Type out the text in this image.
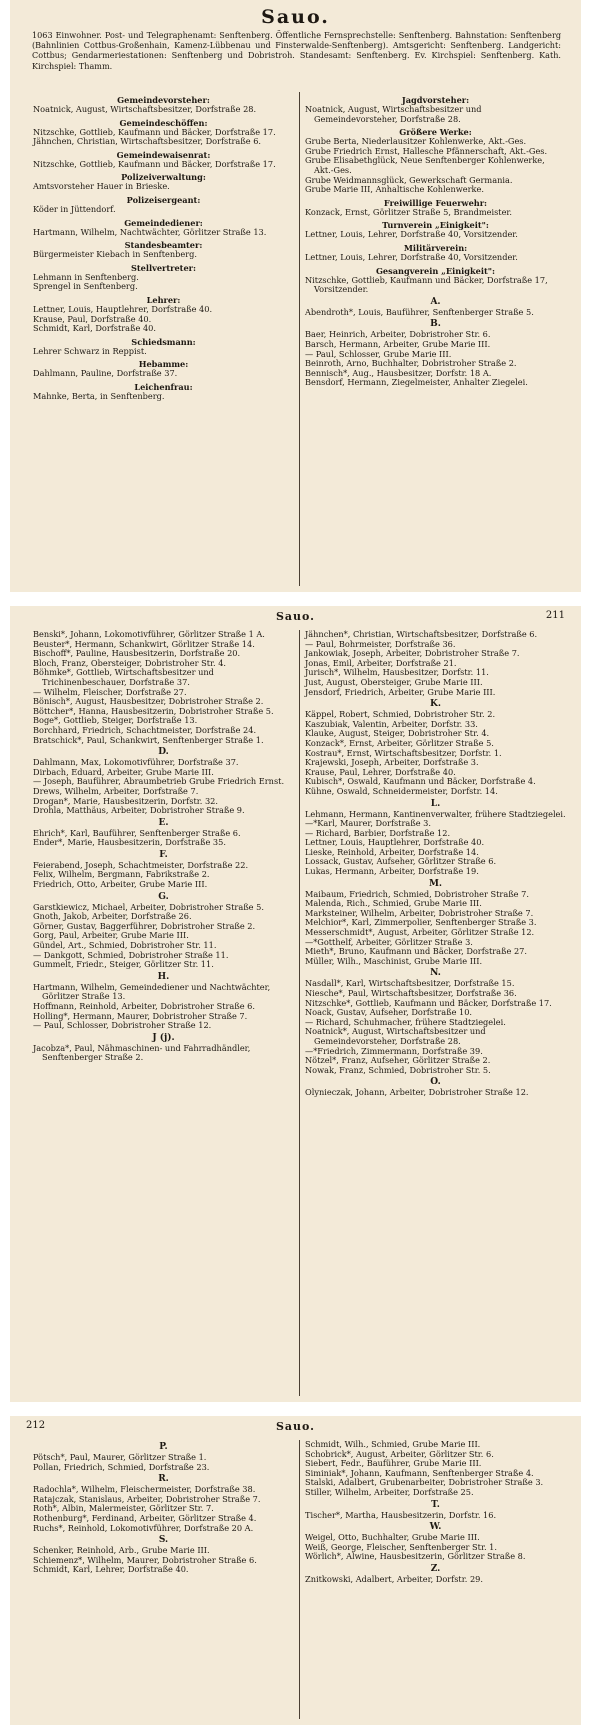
Sauo.
1063 Einwohner. Post- und Telegraphenamt: Senftenberg. Öffentliche Fernsprechstelle: Senftenberg. Bahnstation: Senftenberg (Bahnlinien Cottbus-Großenhain, Kamenz-Lübbenau und Finsterwalde-Senftenberg). Amtsgericht: Senftenberg. Landgericht: Cottbus; Gendarmeriestationen: Senftenberg und Dobristroh. Standesamt: Senftenberg. Ev. Kirchspiel: Senftenberg. Kath. Kirchspiel: Thamm.
Gemeindevorsteher:
Noatnick, August, Wirtschaftsbesitzer, Dorfstraße 28.
Gemeindeschöffen:
Nitzschke, Gottlieb, Kaufmann und Bäcker, Dorfstraße 17.
Jähnchen, Christian, Wirtschaftsbesitzer, Dorfstraße 6.
Gemeindewaisenrat:
Nitzschke, Gottlieb, Kaufmann und Bäcker, Dorfstraße 17.
Polizeiverwaltung:
Amtsvorsteher Hauer in Brieske.
Polizeisergeant:
Köder in Jüttendorf.
Gemeindediener:
Hartmann, Wilhelm, Nachtwächter, Görlitzer Straße 13.
Standesbeamter:
Bürgermeister Kiebach in Senftenberg.
Stellvertreter:
Lehmann in Senftenberg.
Sprengel in Senftenberg.
Lehrer:
Lettner, Louis, Hauptlehrer, Dorfstraße 40.
Krause, Paul, Dorfstraße 40.
Schmidt, Karl, Dorfstraße 40.
Schiedsmann:
Lehrer Schwarz in Reppist.
Hebamme:
Dahlmann, Pauline, Dorfstraße 37.
Leichenfrau:
Mahnke, Berta, in Senftenberg.
Jagdvorsteher:
Noatnick, August, Wirtschaftsbesitzer und Gemeindevorsteher, Dorfstraße 28.
Größere Werke:
Grube Berta, Niederlausitzer Kohlenwerke, Akt.-Ges.
Grube Friedrich Ernst, Hallesche Pfännerschaft, Akt.-Ges.
Grube Elisabethglück, Neue Senftenberger Kohlenwerke, Akt.-Ges.
Grube Weidmannsglück, Gewerkschaft Germania.
Grube Marie III, Anhaltische Kohlenwerke.
Freiwillige Feuerwehr:
Konzack, Ernst, Görlitzer Straße 5, Brandmeister.
Turnverein „Einigkeit":
Lettner, Louis, Lehrer, Dorfstraße 40, Vorsitzender.
Militärverein:
Lettner, Louis, Lehrer, Dorfstraße 40, Vorsitzender.
Gesangverein „Einigkeit":
Nitzschke, Gottlieb, Kaufmann und Bäcker, Dorfstraße 17, Vorsitzender.
A.
Abendroth*, Louis, Bauführer, Senftenberger Straße 5.
B.
Baer, Heinrich, Arbeiter, Dobristroher Str. 6.
Barsch, Hermann, Arbeiter, Grube Marie III.
— Paul, Schlosser, Grube Marie III.
Beinroth, Arno, Buchhalter, Dobristroher Straße 2.
Bennisch*, Aug., Hausbesitzer, Dorfstr. 18 A.
Bensdorf, Hermann, Ziegelmeister, Anhalter Ziegelei.
Sauo.	211
Benski*, Johann, Lokomotivführer, Görlitzer Straße 1 A.
Beuster*, Hermann, Schankwirt, Görlitzer Straße 14.
Bischoff*, Pauline, Hausbesitzerin, Dorfstraße 20.
Bloch, Franz, Obersteiger, Dobristroher Str. 4.
Böhmke*, Gottlieb, Wirtschaftsbesitzer und Trichinenbeschauer, Dorfstraße 37.
— Wilhelm, Fleischer, Dorfstraße 27.
Bönisch*, August, Hausbesitzer, Dobristroher Straße 2.
Böttcher*, Hanna, Hausbesitzerin, Dobristroher Straße 5.
Boge*, Gottlieb, Steiger, Dorfstraße 13.
Borchhard, Friedrich, Schachtmeister, Dorfstraße 24.
Bratschick*, Paul, Schankwirt, Senftenberger Straße 1.
D.
Dahlmann, Max, Lokomotivführer, Dorfstraße 37.
Dirbach, Eduard, Arbeiter, Grube Marie III.
— Joseph, Bauführer, Abraumbetrieb Grube Friedrich Ernst.
Drews, Wilhelm, Arbeiter, Dorfstraße 7.
Drogan*, Marie, Hausbesitzerin, Dorfstr. 32.
Drohla, Matthäus, Arbeiter, Dobristroher Straße 9.
E.
Ehrich*, Karl, Bauführer, Senftenberger Straße 6.
Ender*, Marie, Hausbesitzerin, Dorfstraße 35.
F.
Feierabend, Joseph, Schachtmeister, Dorfstraße 22.
Felix, Wilhelm, Bergmann, Fabrikstraße 2.
Friedrich, Otto, Arbeiter, Grube Marie III.
G.
Garstkiewicz, Michael, Arbeiter, Dobristroher Straße 5.
Gnoth, Jakob, Arbeiter, Dorfstraße 26.
Görner, Gustav, Baggerführer, Dobristroher Straße 2.
Gorg, Paul, Arbeiter, Grube Marie III.
Gündel, Art., Schmied, Dobristroher Str. 11.
— Dankgott, Schmied, Dobristroher Straße 11.
Gummelt, Friedr., Steiger, Görlitzer Str. 11.
H.
Hartmann, Wilhelm, Gemeindediener und Nachtwächter, Görlitzer Straße 13.
Hoffmann, Reinhold, Arbeiter, Dobristroher Straße 6.
Holling*, Hermann, Maurer, Dobristroher Straße 7.
— Paul, Schlosser, Dobristroher Straße 12.
J (j).
Jacobza*, Paul, Nähmaschinen- und Fahrradhändler, Senftenberger Straße 2.
Jähnchen*, Christian, Wirtschaftsbesitzer, Dorfstraße 6.
— Paul, Bohrmeister, Dorfstraße 36.
Jankowiak, Joseph, Arbeiter, Dobristroher Straße 7.
Jonas, Emil, Arbeiter, Dorfstraße 21.
Jurisch*, Wilhelm, Hausbesitzer, Dorfstr. 11.
Just, August, Obersteiger, Grube Marie III.
Jensdorf, Friedrich, Arbeiter, Grube Marie III.
K.
Käppel, Robert, Schmied, Dobristroher Str. 2.
Kaszubiak, Valentin, Arbeiter, Dorfstr. 33.
Klauke, August, Steiger, Dobristroher Str. 4.
Konzack*, Ernst, Arbeiter, Görlitzer Straße 5.
Kostrau*, Ernst, Wirtschaftsbesitzer, Dorfstr. 1.
Krajewski, Joseph, Arbeiter, Dorfstraße 3.
Krause, Paul, Lehrer, Dorfstraße 40.
Kubisch*, Oswald, Kaufmann und Bäcker, Dorfstraße 4.
Kühne, Oswald, Schneidermeister, Dorfstr. 14.
L.
Lehmann, Hermann, Kantinenverwalter, frühere Stadtziegelei.
—*Karl, Maurer, Dorfstraße 3.
— Richard, Barbier, Dorfstraße 12.
Lettner, Louis, Hauptlehrer, Dorfstraße 40.
Lieske, Reinhold, Arbeiter, Dorfstraße 14.
Lossack, Gustav, Aufseher, Görlitzer Straße 6.
Lukas, Hermann, Arbeiter, Dorfstraße 19.
M.
Maibaum, Friedrich, Schmied, Dobristroher Straße 7.
Malenda, Rich., Schmied, Grube Marie III.
Marksteiner, Wilhelm, Arbeiter, Dobristroher Straße 7.
Melchior*, Karl, Zimmerpolier, Senftenberger Straße 3.
Messerschmidt*, August, Arbeiter, Görlitzer Straße 12.
—*Gotthelf, Arbeiter, Görlitzer Straße 3.
Mieth*, Bruno, Kaufmann und Bäcker, Dorfstraße 27.
Müller, Wilh., Maschinist, Grube Marie III.
N.
Nasdall*, Karl, Wirtschaftsbesitzer, Dorfstraße 15.
Niesche*, Paul, Wirtschaftsbesitzer, Dorfstraße 36.
Nitzschke*, Gottlieb, Kaufmann und Bäcker, Dorfstraße 17.
Noack, Gustav, Aufseher, Dorfstraße 10.
— Richard, Schuhmacher, frühere Stadtziegelei.
Noatnick*, August, Wirtschaftsbesitzer und Gemeindevorsteher, Dorfstraße 28.
—*Friedrich, Zimmermann, Dorfstraße 39.
Nötzel*, Franz, Aufseher, Görlitzer Straße 2.
Nowak, Franz, Schmied, Dobristroher Str. 5.
O.
Olynieczak, Johann, Arbeiter, Dobristroher Straße 12.
212	Sauo.
P.
Pötsch*, Paul, Maurer, Görlitzer Straße 1.
Pollan, Friedrich, Schmied, Dorfstraße 23.
R.
Radochla*, Wilhelm, Fleischermeister, Dorfstraße 38.
Ratajczak, Stanislaus, Arbeiter, Dobristroher Straße 7.
Roth*, Albin, Malermeister, Görlitzer Str. 7.
Rothenburg*, Ferdinand, Arbeiter, Görlitzer Straße 4.
Ruchs*, Reinhold, Lokomotivführer, Dorfstraße 20 A.
S.
Schenker, Reinhold, Arb., Grube Marie III.
Schiemenz*, Wilhelm, Maurer, Dobristroher Straße 6.
Schmidt, Karl, Lehrer, Dorfstraße 40.
Schmidt, Wilh., Schmied, Grube Marie III.
Schobrick*, August, Arbeiter, Görlitzer Str. 6.
Siebert, Fedr., Bauführer, Grube Marie III.
Siminiak*, Johann, Kaufmann, Senftenberger Straße 4.
Stalski, Adalbert, Grubenarbeiter, Dobristroher Straße 3.
Stiller, Wilhelm, Arbeiter, Dorfstraße 25.
T.
Tischer*, Martha, Hausbesitzerin, Dorfstr. 16.
W.
Weigel, Otto, Buchhalter, Grube Marie III.
Weiß, George, Fleischer, Senftenberger Str. 1.
Wörlich*, Alwine, Hausbesitzerin, Görlitzer Straße 8.
Z.
Znitkowski, Adalbert, Arbeiter, Dorfstr. 29.
